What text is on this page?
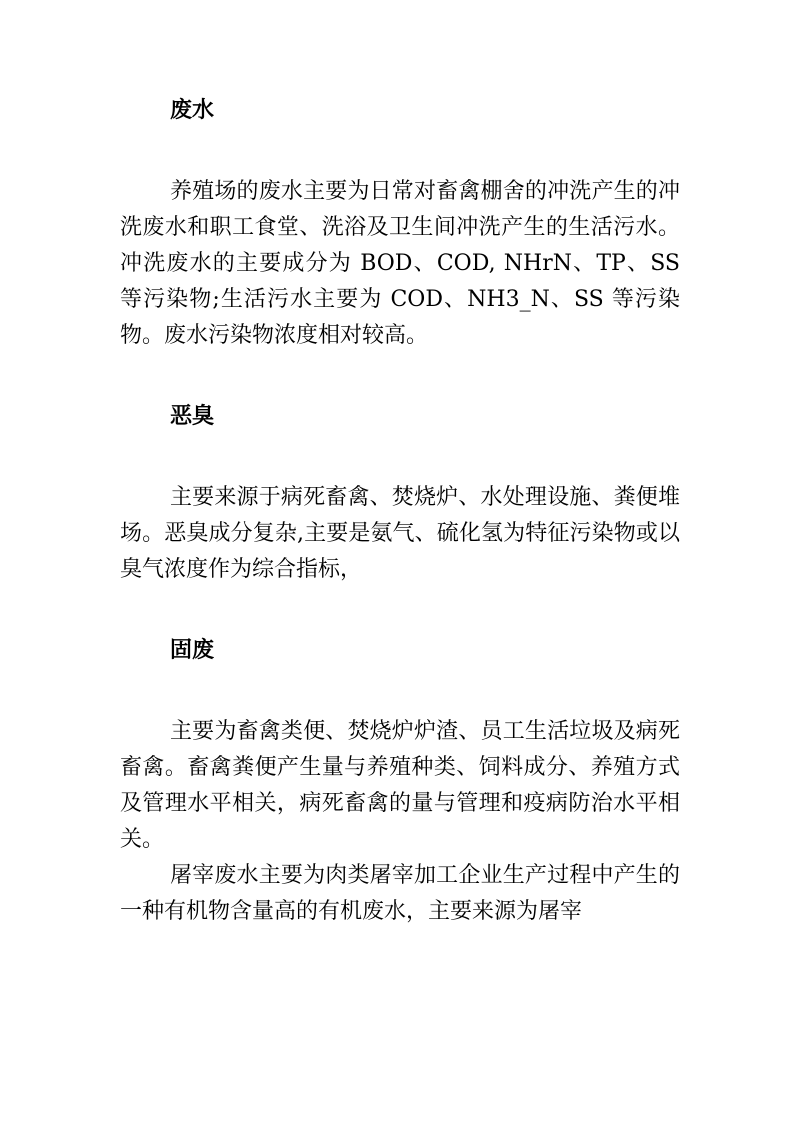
废水

养殖场的废水主要为日常对畜禽棚舍的冲洗产生的冲洗废水和职工食堂、洗浴及卫生间冲洗产生的生活污水。冲洗废水的主要成分为 BOD、COD, NHrN、TP、SS 等污染物;生活污水主要为 COD、NH3_N、SS 等污染物。废水污染物浓度相对较高。

恶臭

主要来源于病死畜禽、焚烧炉、水处理设施、粪便堆场。恶臭成分复杂,主要是氨气、硫化氢为特征污染物或以臭气浓度作为综合指标，

固废

主要为畜禽类便、焚烧炉炉渣、员工生活垃圾及病死畜禽。畜禽粪便产生量与养殖种类、饲料成分、养殖方式及管理水平相关，病死畜禽的量与管理和疫病防治水平相关。

屠宰废水主要为肉类屠宰加工企业生产过程中产生的一种有机物含量高的有机废水，主要来源为屠宰
